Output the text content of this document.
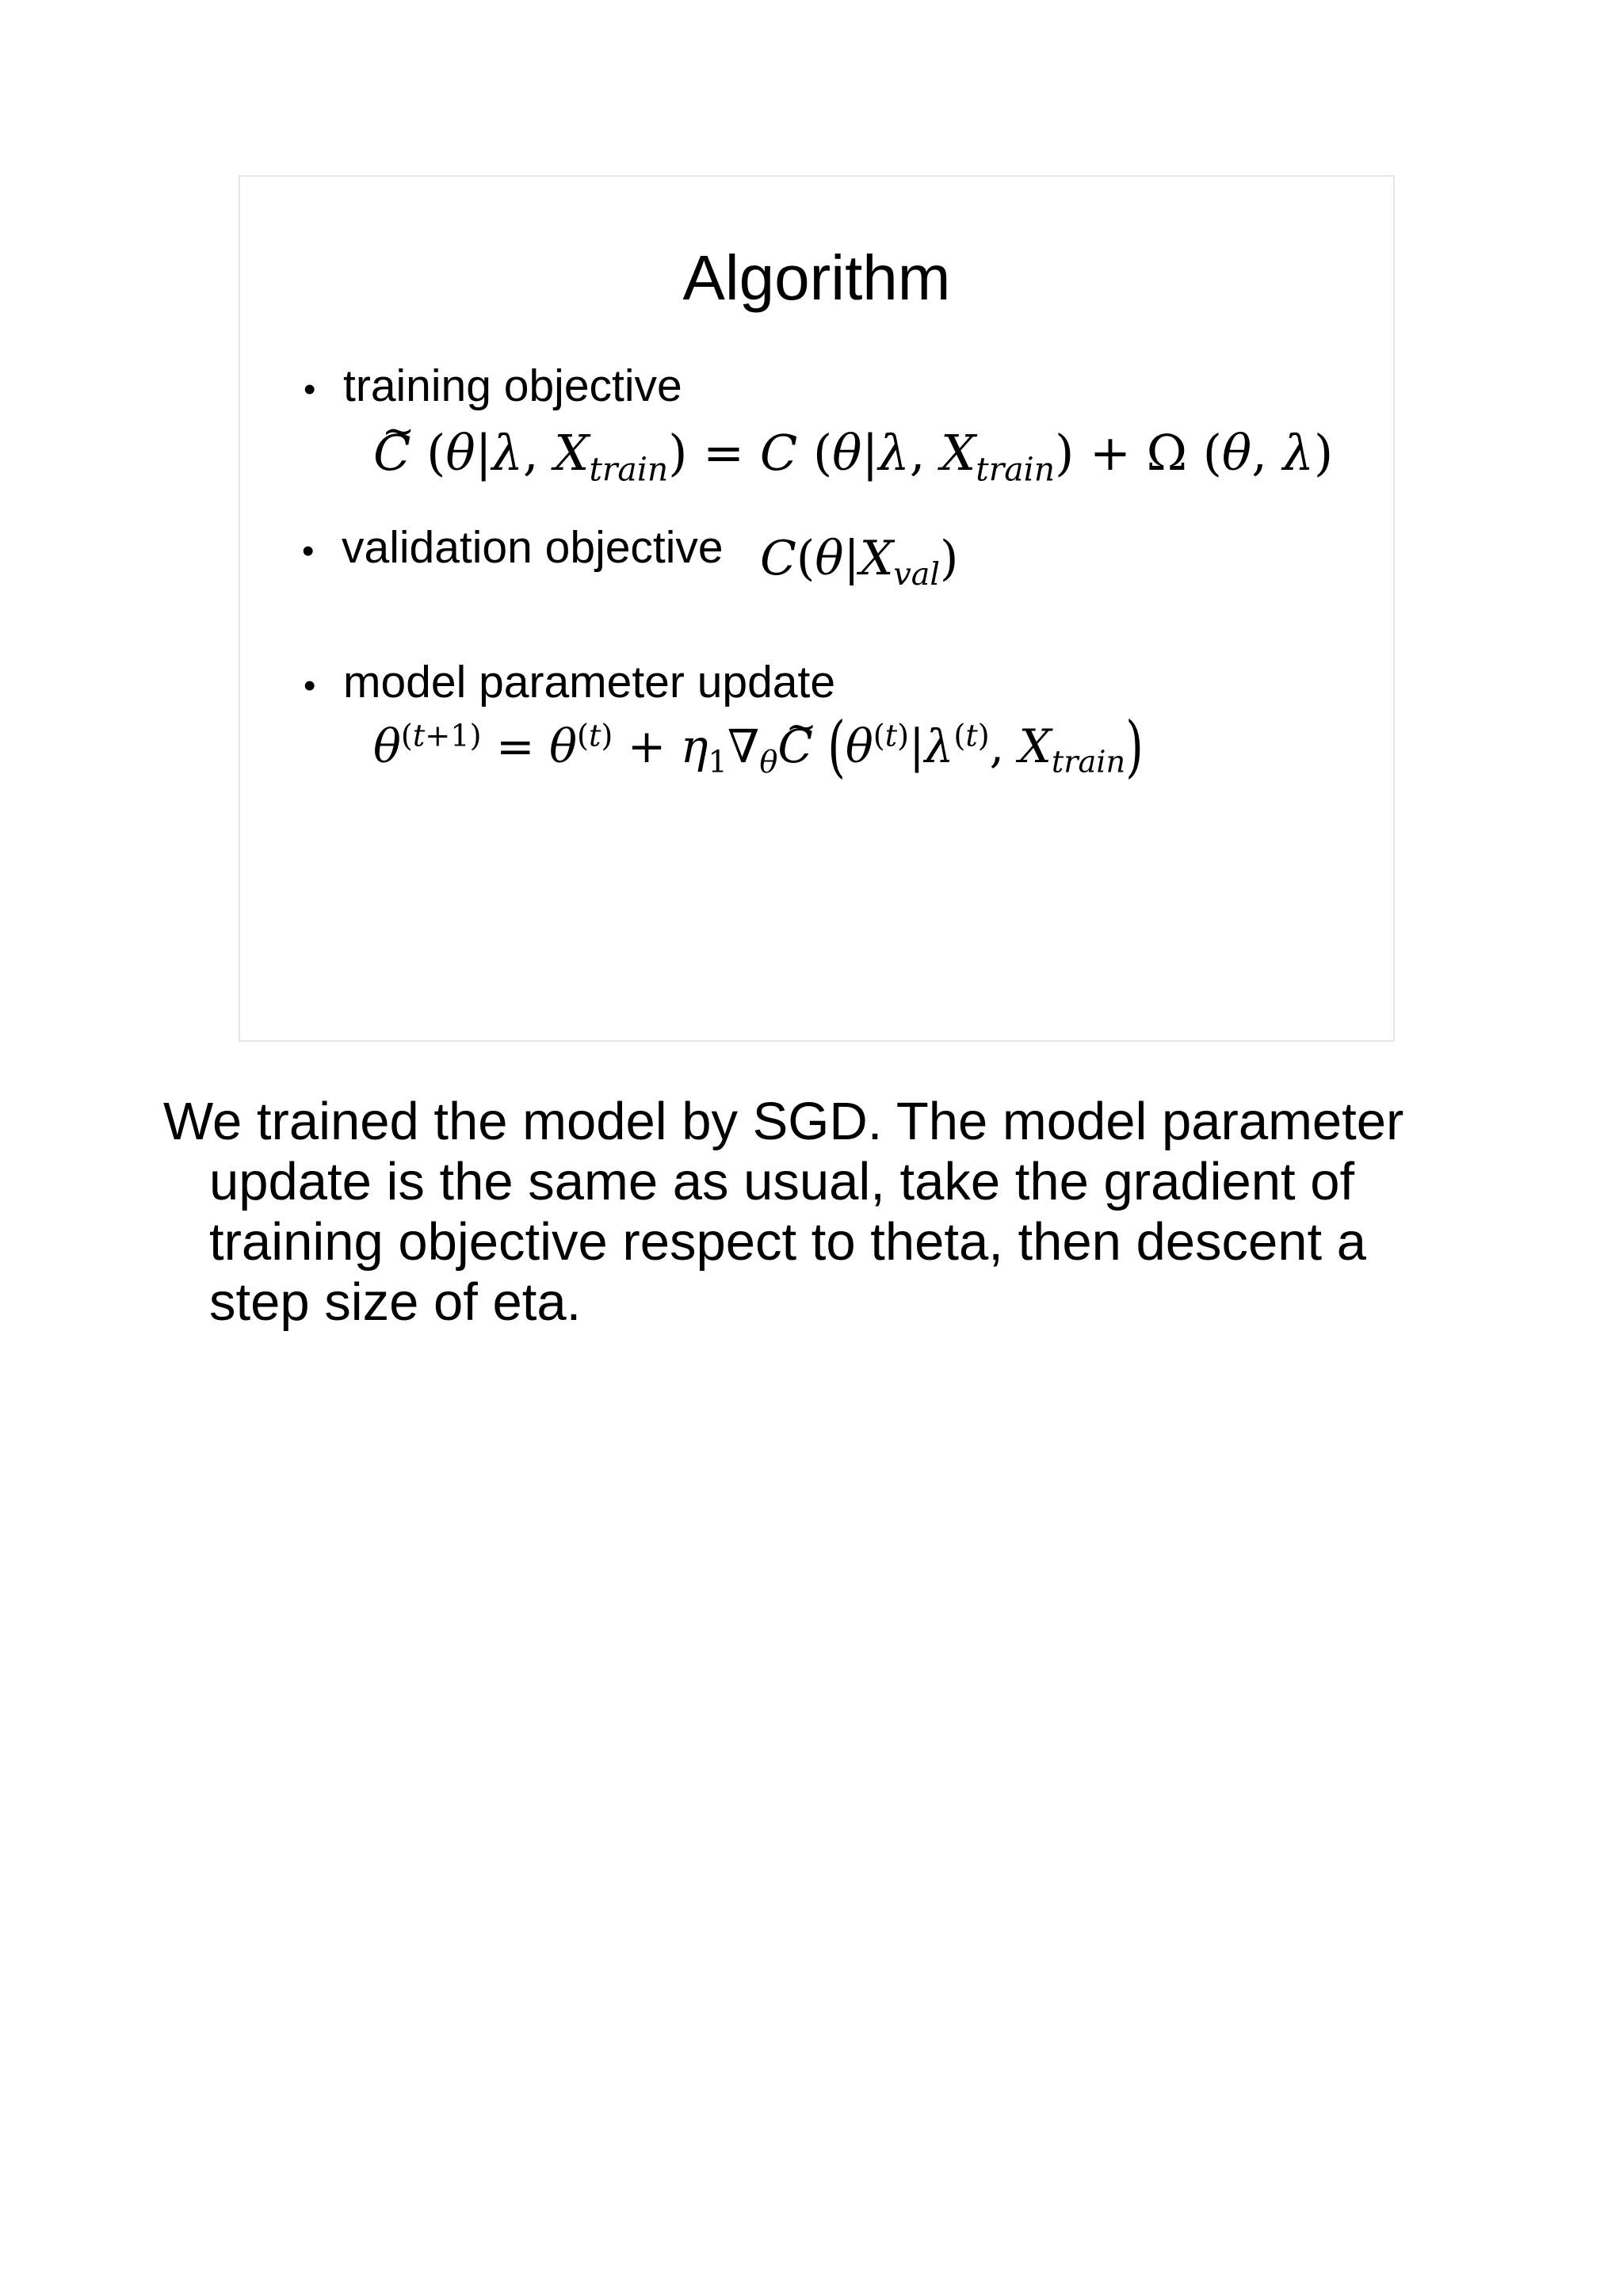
Algorithm
• training objective
~ C (θ|λ, $X_{train}) = C$ (θ|λ, $X_{train}) + \Omega$ (θ, λ)
• validation objective $C(\theta|X_{val})$
• model parameter update
$\theta^{(t+1)} = \theta^{(t)}$ + $\eta_1\nabla_\theta\sim$ C ($\theta^{(t)}|\lambda^{(t)}$, $X_{train}$)
We trained the model by SGD. The model parameter
update is the same as usual, take the gradient of
training objective respect to theta, then descent a
step size of eta.
